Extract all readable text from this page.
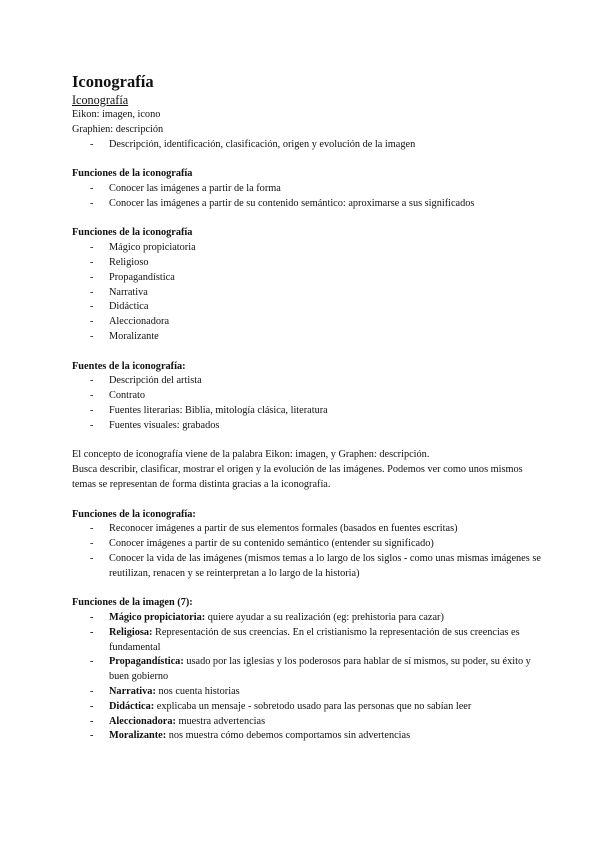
Iconografía
Iconografía

Eikon: imagen, icono

Graphien: descripción

- Descripción, identificación, clasificación, origen y evolución de la imagen

Funciones de la iconografía

- Conocer las imágenes a partir de la forma
- Conocer las imágenes a partir de su contenido semántico: aproximarse a sus significados

Funciones de la iconografía

- Mágico propiciatoria
- Religioso
- Propagandística
- Narrativa
- Didáctica
- Aleccionadora
- Moralizante

Fuentes de la iconografía:

- Descripción del artista
- Contrato
- Fuentes literarias: Biblia, mitología clásica, literatura
- Fuentes visuales: grabados

El concepto de iconografía viene de la palabra Eikon: imagen, y Graphen: descripción.

Busca describir, clasificar, mostrar el origen y la evolución de las imágenes. Podemos ver como unos mismos temas se representan de forma distinta gracias a la iconografía.

Funciones de la iconografía:

- Reconocer imágenes a partir de sus elementos formales (basados en fuentes escritas)
- Conocer imágenes a partir de su contenido semántico (entender su significado)
- Conocer la vida de las imágenes (mismos temas a lo largo de los siglos - como unas mismas imágenes se reutilizan, renacen y se reinterpretan a lo largo de la historia)

Funciones de la imagen (7):

- Mágico propiciatoria: quiere ayudar a su realización (eg: prehistoria para cazar)
- Religiosa: Representación de sus creencias. En el cristianismo la representación de sus creencias es fundamental
- Propagandística: usado por las iglesias y los poderosos para hablar de sí mismos, su poder, su éxito y buen gobierno
- Narrativa: nos cuenta historias
- Didáctica: explicaba un mensaje - sobretodo usado para las personas que no sabían leer
- Aleccionadora: muestra advertencias
- Moralizante: nos muestra cómo debemos comportamos sin advertencias
